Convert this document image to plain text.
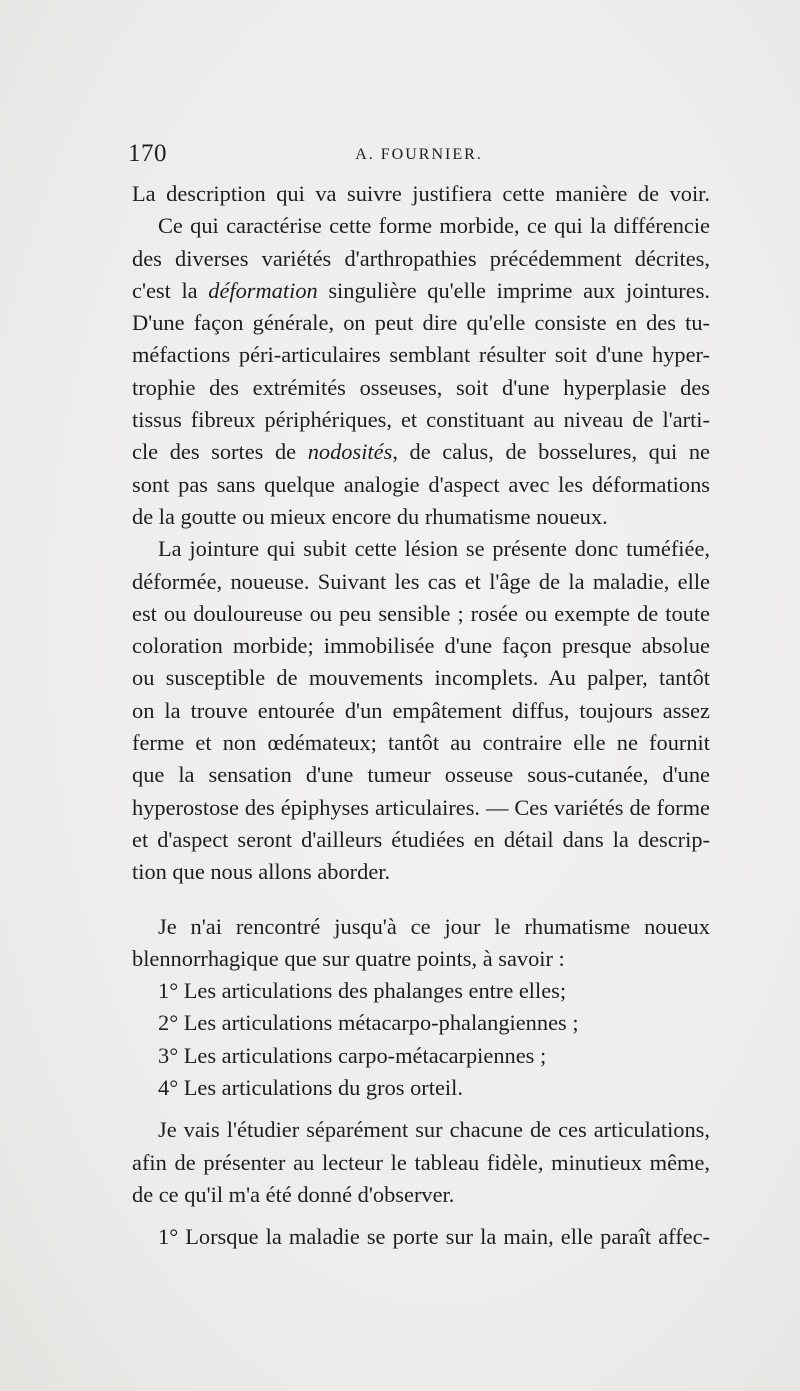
170	A. FOURNIER.
La description qui va suivre justifiera cette manière de voir.
Ce qui caractérise cette forme morbide, ce qui la différencie
des diverses variétés d'arthropathies précédemment décrites,
c'est la déformation singulière qu'elle imprime aux jointures.
D'une façon générale, on peut dire qu'elle consiste en des tu-
méfactions péri-articulaires semblant résulter soit d'une hyper-
trophie des extrémités osseuses, soit d'une hyperplasie des
tissus fibreux périphériques, et constituant au niveau de l'arti-
cle des sortes de nodosités, de calus, de bosselures, qui ne
sont pas sans quelque analogie d'aspect avec les déformations
de la goutte ou mieux encore du rhumatisme noueux.
La jointure qui subit cette lésion se présente donc tuméfiée,
déformée, noueuse. Suivant les cas et l'âge de la maladie, elle
est ou douloureuse ou peu sensible ; rosée ou exempte de toute
coloration morbide; immobilisée d'une façon presque absolue
ou susceptible de mouvements incomplets. Au palper, tantôt
on la trouve entourée d'un empâtement diffus, toujours assez
ferme et non œdémateux; tantôt au contraire elle ne fournit
que la sensation d'une tumeur osseuse sous-cutanée, d'une
hyperostose des épiphyses articulaires. — Ces variétés de forme
et d'aspect seront d'ailleurs étudiées en détail dans la descrip-
tion que nous allons aborder.
Je n'ai rencontré jusqu'à ce jour le rhumatisme noueux
blennorrhagique que sur quatre points, à savoir :
1° Les articulations des phalanges entre elles;
2° Les articulations métacarpo-phalangiennes ;
3° Les articulations carpo-métacarpiennes ;
4° Les articulations du gros orteil.
Je vais l'étudier séparément sur chacune de ces articulations,
afin de présenter au lecteur le tableau fidèle, minutieux même,
de ce qu'il m'a été donné d'observer.
1° Lorsque la maladie se porte sur la main, elle paraît affec-
